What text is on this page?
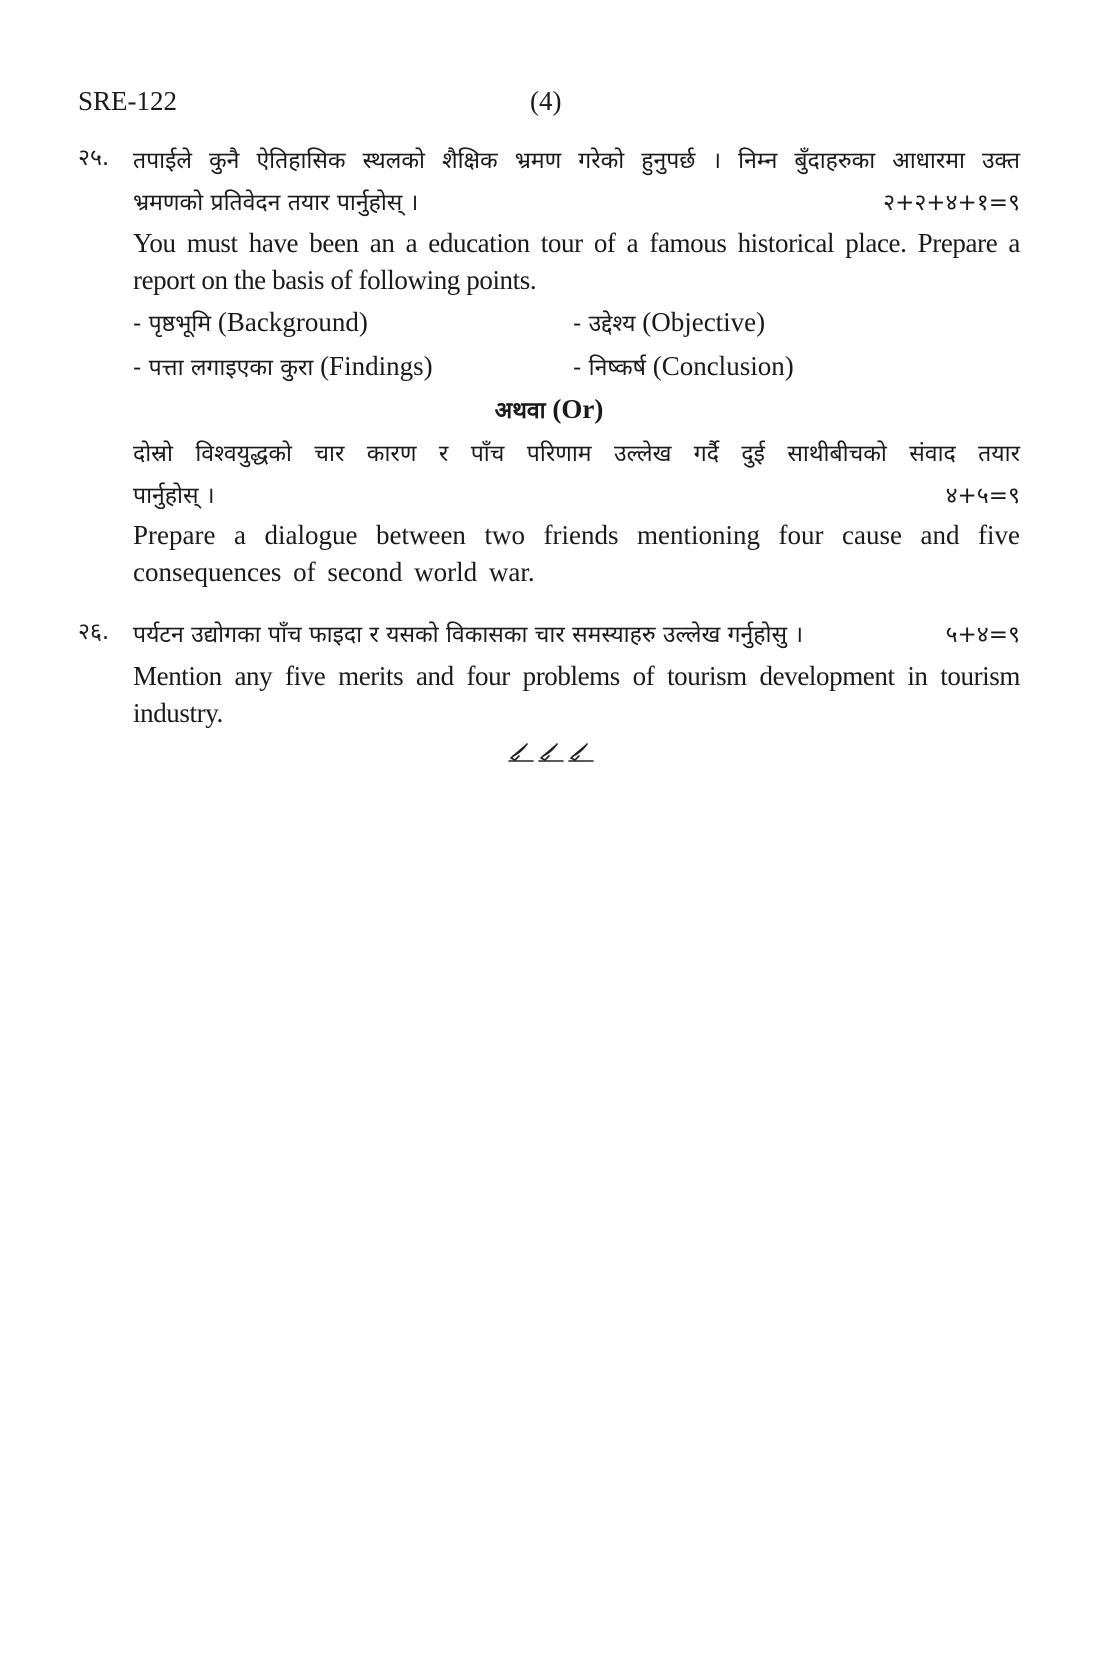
SRE-122	(4)
२५. तपाईले कुनै ऐतिहासिक स्थलको शैक्षिक भ्रमण गरेको हुनुपर्छ । निम्न बुँदाहरुका आधारमा उक्त
भ्रमणको प्रतिवेदन तयार पार्नुहोस् ।	२+२+४+१=९
You must have been an a education tour of a famous historical place. Prepare a report on the basis of following points.
- पृष्ठभूमि (Background)	- उद्देश्य (Objective)
- पत्ता लगाइएका कुरा (Findings)	- निष्कर्ष (Conclusion)
अथवा (Or)
दोस्रो विश्वयुद्धको चार कारण र पाँच परिणाम उल्लेख गर्दै दुई साथीबीचको संवाद तयार
पार्नुहोस् ।	४+५=९
Prepare a dialogue between two friends mentioning four cause and five consequences of second world war.
२६. पर्यटन उद्योगका पाँच फाइदा र यसको विकासका चार समस्याहरु उल्लेख गर्नुहोसु ।	५+४=९
Mention any five merits and four problems of tourism development in tourism industry.
